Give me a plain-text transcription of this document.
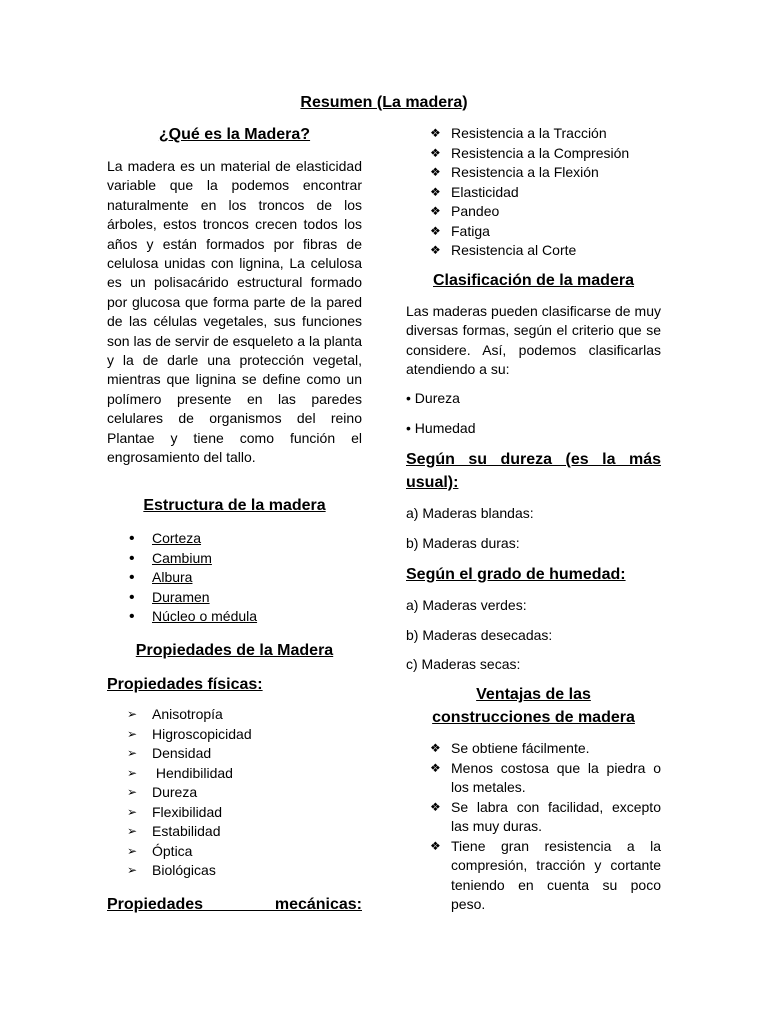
Resumen (La madera)
¿Qué es la Madera?

La madera es un material de elasticidad variable que la podemos encontrar naturalmente en los troncos de los árboles, estos troncos crecen todos los años y están formados por fibras de celulosa unidas con lignina, La celulosa es un polisacárido estructural formado por glucosa que forma parte de la pared de las células vegetales, sus funciones son las de servir de esqueleto a la planta y la de darle una protección vegetal, mientras que lignina se define como un polímero presente en las paredes celulares de organismos del reino Plantae y tiene como función el engrosamiento del tallo.

Estructura de la madera
• Corteza
• Cambium
• Albura
• Duramen
• Núcleo o médula
Propiedades de la Madera
Propiedades físicas:
➢ Anisotropía
➢ Higroscopicidad
➢ Densidad
➢ Hendibilidad
➢ Dureza
➢ Flexibilidad
➢ Estabilidad
➢ Óptica
➢ Biológicas
Propiedades mecánicas:
❖ Resistencia a la Tracción
❖ Resistencia a la Compresión
❖ Resistencia a la Flexión
❖ Elasticidad
❖ Pandeo
❖ Fatiga
❖ Resistencia al Corte
Clasificación de la madera

Las maderas pueden clasificarse de muy diversas formas, según el criterio que se considere. Así, podemos clasificarlas atendiendo a su:

• Dureza

• Humedad

Según su dureza (es la más usual):

a) Maderas blandas:

b) Maderas duras:

Según el grado de humedad:

a) Maderas verdes:

b) Maderas desecadas:

c) Maderas secas:

Ventajas de las
construcciones de madera
❖ Se obtiene fácilmente.
❖ Menos costosa que la piedra o los metales.
❖ Se labra con facilidad, excepto las muy duras.
❖ Tiene gran resistencia a la compresión, tracción y cortante teniendo en cuenta su poco peso.
